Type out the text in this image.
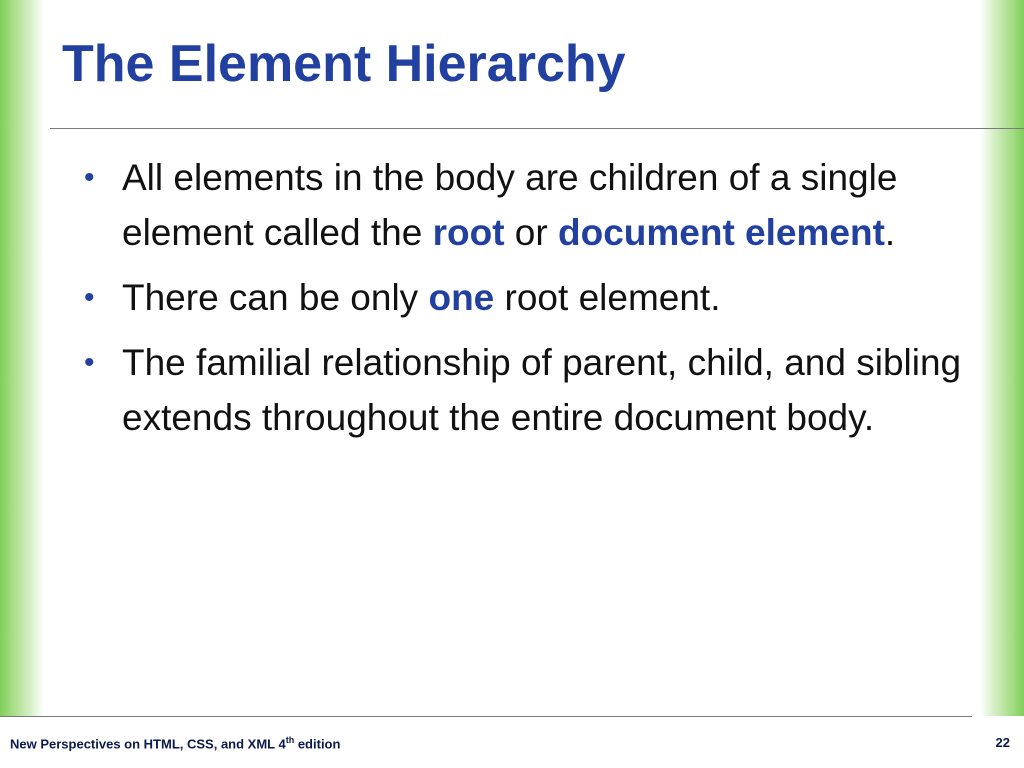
The Element Hierarchy
• All elements in the body are children of a single element called the root or document element.
• There can be only one root element.
• The familial relationship of parent, child, and sibling extends throughout the entire document body.
New Perspectives on HTML, CSS, and XML 4th edition	22
